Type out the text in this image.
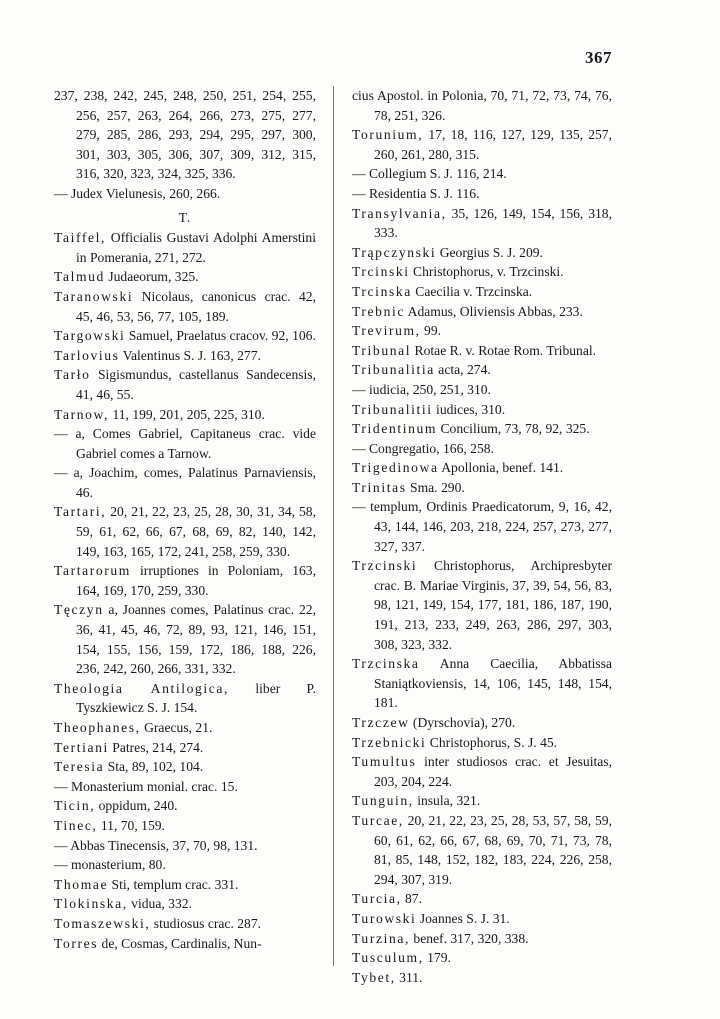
367
237, 238, 242, 245, 248, 250, 251, 254, 255, 256, 257, 263, 264, 266, 273, 275, 277, 279, 285, 286, 293, 294, 295, 297, 300, 301, 303, 305, 306, 307, 309, 312, 315, 316, 320, 323, 324, 325, 336.
— Judex Vielunesis, 260, 266.
T.
Taiffel, Officialis Gustavi Adolphi Amerstini in Pomerania, 271, 272.
Talmud Judaeorum, 325.
Taranowski Nicolaus, canonicus crac. 42, 45, 46, 53, 56, 77, 105, 189.
Targowski Samuel, Praelatus cracov. 92, 106.
Tarlovius Valentinus S. J. 163, 277.
Tarło Sigismundus, castellanus Sandecensis, 41, 46, 55.
Tarnow, 11, 199, 201, 205, 225, 310.
— a, Comes Gabriel, Capitaneus crac. vide Gabriel comes a Tarnow.
— a, Joachim, comes, Palatinus Parnaviensis, 46.
Tartari, 20, 21, 22, 23, 25, 28, 30, 31, 34, 58, 59, 61, 62, 66, 67, 68, 69, 82, 140, 142, 149, 163, 165, 172, 241, 258, 259, 330.
Tartarorum irruptiones in Poloniam, 163, 164, 169, 170, 259, 330.
Tęczyn a, Joannes comes, Palatinus crac. 22, 36, 41, 45, 46, 72, 89, 93, 121, 146, 151, 154, 155, 156, 159, 172, 186, 188, 226, 236, 242, 260, 266, 331, 332.
Theologia Antilogica, liber P. Tyszkiewicz S. J. 154.
Theophanes, Graecus, 21.
Tertiani Patres, 214, 274.
Teresia Sta, 89, 102, 104.
— Monasterium monial. crac. 15.
Ticin, oppidum, 240.
Tinec, 11, 70, 159.
— Abbas Tinecensis, 37, 70, 98, 131.
— monasterium, 80.
Thomae Sti, templum crac. 331.
Tlokinska, vidua, 332.
Tomaszewski, studiosus crac. 287.
Torres de, Cosmas, Cardinalis, Nun-
cius Apostol. in Polonia, 70, 71, 72, 73, 74, 76, 78, 251, 326.
Torunium, 17, 18, 116, 127, 129, 135, 257, 260, 261, 280, 315.
— Collegium S. J. 116, 214.
— Residentia S. J. 116.
Transylvania, 35, 126, 149, 154, 156, 318, 333.
Trąpczynski Georgius S. J. 209.
Trcinski Christophorus, v. Trzcinski.
Trcinska Caecilia v. Trzcinska.
Trebnic Adamus, Oliviensis Abbas, 233.
Trevirum, 99.
Tribunal Rotae R. v. Rotae Rom. Tribunal.
Tribunalitia acta, 274.
— iudicia, 250, 251, 310.
Tribunalitii iudices, 310.
Tridentinum Concilium, 73, 78, 92, 325.
— Congregatio, 166, 258.
Trigedinowa Apollonia, benef. 141.
Trinitas Sma. 290.
— templum, Ordinis Praedicatorum, 9, 16, 42, 43, 144, 146, 203, 218, 224, 257, 273, 277, 327, 337.
Trzcinski Christophorus, Archipresbyter crac. B. Mariae Virginis, 37, 39, 54, 56, 83, 98, 121, 149, 154, 177, 181, 186, 187, 190, 191, 213, 233, 249, 263, 286, 297, 303, 308, 323, 332.
Trzcinska Anna Caecilia, Abbatissa Staniątkoviensis, 14, 106, 145, 148, 154, 181.
Trzczew (Dyrschovia), 270.
Trzebnicki Christophorus, S. J. 45.
Tumultus inter studiosos crac. et Jesuitas, 203, 204, 224.
Tunguin, insula, 321.
Turcae, 20, 21, 22, 23, 25, 28, 53, 57, 58, 59, 60, 61, 62, 66, 67, 68, 69, 70, 71, 73, 78, 81, 85, 148, 152, 182, 183, 224, 226, 258, 294, 307, 319.
Turcia, 87.
Turowski Joannes S. J. 31.
Turzina, benef. 317, 320, 338.
Tusculum, 179.
Tybet, 311.
